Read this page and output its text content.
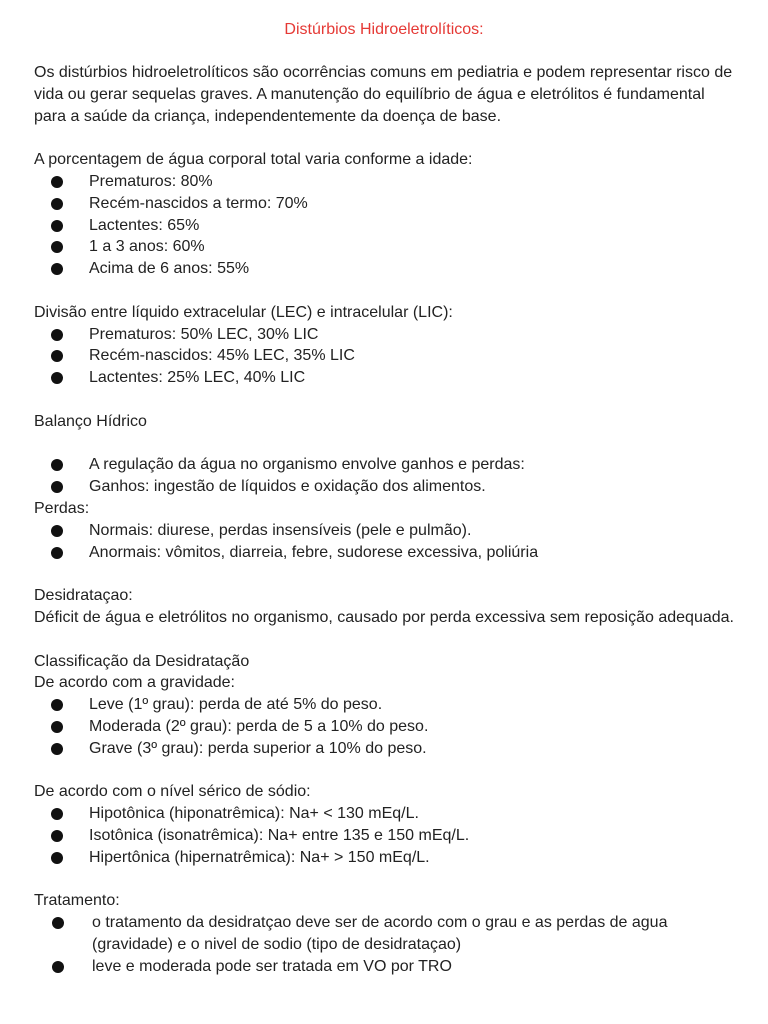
Distúrbios Hidroeletrolíticos:

Os distúrbios hidroeletrolíticos são ocorrências comuns em pediatria e podem representar risco de vida ou gerar sequelas graves. A manutenção do equilíbrio de água e eletrólitos é fundamental para a saúde da criança, independentemente da doença de base.

A porcentagem de água corporal total varia conforme a idade:

Prematuros: 80%
Recém-nascidos a termo: 70%
Lactentes: 65%
1 a 3 anos: 60%
Acima de 6 anos: 55%

Divisão entre líquido extracelular (LEC) e intracelular (LIC):

Prematuros: 50% LEC, 30% LIC
Recém-nascidos: 45% LEC, 35% LIC
Lactentes: 25% LEC, 40% LIC

Balanço Hídrico

A regulação da água no organismo envolve ganhos e perdas:
Ganhos: ingestão de líquidos e oxidação dos alimentos.

Perdas:

Normais: diurese, perdas insensíveis (pele e pulmão).
Anormais: vômitos, diarreia, febre, sudorese excessiva, poliúria

Desidrataçao:

Déficit de água e eletrólitos no organismo, causado por perda excessiva sem reposição adequada.

Classificação da Desidratação

De acordo com a gravidade:

Leve (1º grau): perda de até 5% do peso.
Moderada (2º grau): perda de 5 a 10% do peso.
Grave (3º grau): perda superior a 10% do peso.

De acordo com o nível sérico de sódio:

Hipotônica (hiponatrêmica): Na+ < 130 mEq/L.
Isotônica (isonatrêmica): Na+ entre 135 e 150 mEq/L.
Hipertônica (hipernatrêmica): Na+ > 150 mEq/L.

Tratamento:

o tratamento da desidratçao deve ser de acordo com o grau e as perdas de agua (gravidade) e o nivel de sodio (tipo de desidrataçao)
leve e moderada pode ser tratada em VO por TRO
